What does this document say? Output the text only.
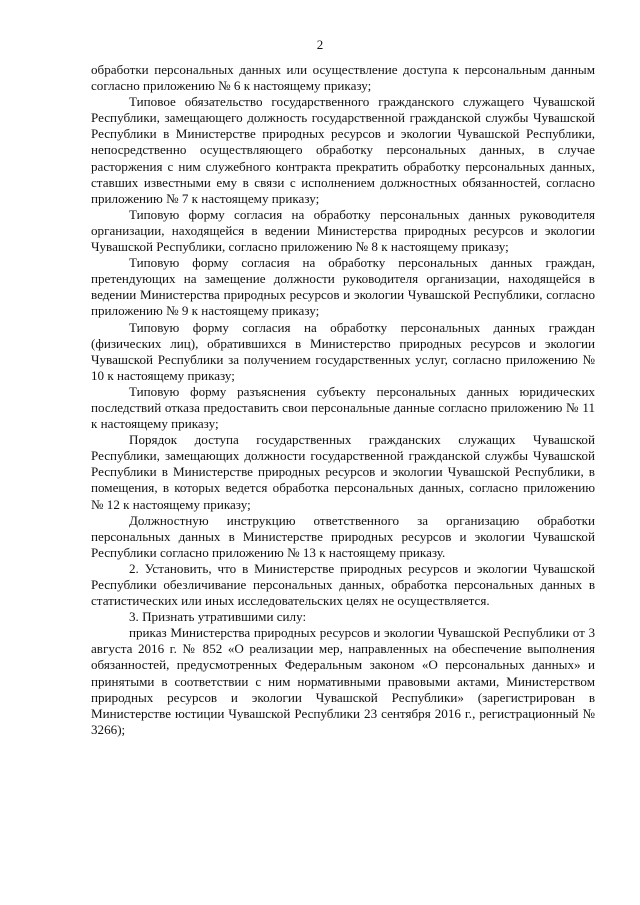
2

обработки персональных данных или осуществление доступа к персональным данным согласно приложению № 6 к настоящему приказу;

Типовое обязательство государственного гражданского служащего Чувашской Республики, замещающего должность государственной гражданской службы Чувашской Республики в Министерстве природных ресурсов и экологии Чувашской Республики, непосредственно осуществляющего обработку персональных данных, в случае расторжения с ним служебного контракта прекратить обработку персональных данных, ставших известными ему в связи с исполнением должностных обязанностей, согласно приложению № 7 к настоящему приказу;

Типовую форму согласия на обработку персональных данных руководителя организации, находящейся в ведении Министерства природных ресурсов и экологии Чувашской Республики, согласно приложению № 8 к настоящему приказу;

Типовую форму согласия на обработку персональных данных граждан, претендующих на замещение должности руководителя организации, находящейся в ведении Министерства природных ресурсов и экологии Чувашской Республики, согласно приложению № 9 к настоящему приказу;

Типовую форму согласия на обработку персональных данных граждан (физических лиц), обратившихся в Министерство природных ресурсов и экологии Чувашской Республики за получением государственных услуг, согласно приложению № 10 к настоящему приказу;

Типовую форму разъяснения субъекту персональных данных юридических последствий отказа предоставить свои персональные данные согласно приложению № 11 к настоящему приказу;

Порядок доступа государственных гражданских служащих Чувашской Республики, замещающих должности государственной гражданской службы Чувашской Республики в Министерстве природных ресурсов и экологии Чувашской Республики, в помещения, в которых ведется обработка персональных данных, согласно приложению № 12 к настоящему приказу;

Должностную инструкцию ответственного за организацию обработки персональных данных в Министерстве природных ресурсов и экологии Чувашской Республики согласно приложению № 13 к настоящему приказу.

2. Установить, что в Министерстве природных ресурсов и экологии Чувашской Республики обезличивание персональных данных, обработка персональных данных в статистических или иных исследовательских целях не осуществляется.

3. Признать утратившими силу:

приказ Министерства природных ресурсов и экологии Чувашской Республики от 3 августа 2016 г. № 852 «О реализации мер, направленных на обеспечение выполнения обязанностей, предусмотренных Федеральным законом «О персональных данных» и принятыми в соответствии с ним нормативными правовыми актами, Министерством природных ресурсов и экологии Чувашской Республики» (зарегистрирован в Министерстве юстиции Чувашской Республики 23 сентября 2016 г., регистрационный № 3266);
